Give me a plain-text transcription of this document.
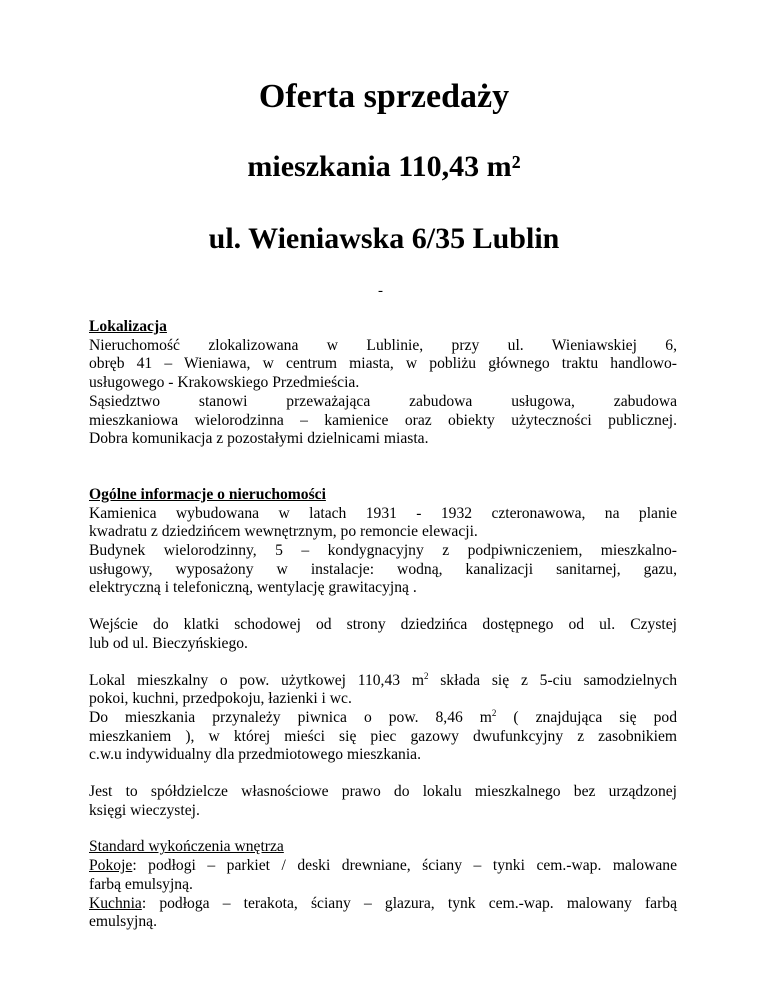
Oferta sprzedaży
mieszkania 110,43 m²
ul. Wieniawska 6/35 Lublin
-

Lokalizacja

Nieruchomość zlokalizowana w Lublinie, przy ul. Wieniawskiej 6,

obręb 41 – Wieniawa, w centrum miasta, w pobliżu głównego traktu handlowo-

usługowego - Krakowskiego Przedmieścia.

Sąsiedztwo stanowi przeważająca zabudowa usługowa, zabudowa

mieszkaniowa wielorodzinna – kamienice oraz obiekty użyteczności publicznej.

Dobra komunikacja z pozostałymi dzielnicami miasta.

Ogólne informacje o nieruchomości

Kamienica wybudowana w latach 1931 - 1932 czteronawowa, na planie

kwadratu z dziedzińcem wewnętrznym, po remoncie elewacji.

Budynek wielorodzinny, 5 – kondygnacyjny z podpiwniczeniem, mieszkalno-

usługowy, wyposażony w instalacje: wodną, kanalizacji sanitarnej, gazu,

elektryczną i telefoniczną, wentylację grawitacyjną .

Wejście do klatki schodowej od strony dziedzińca dostępnego od ul. Czystej

lub od ul. Bieczyńskiego.

Lokal mieszkalny o pow. użytkowej 110,43 $m^2$ składa się z 5-ciu samodzielnych

pokoi, kuchni, przedpokoju, łazienki i wc.

Do mieszkania przynależy piwnica o pow. 8,46 $m^2$ ( znajdująca się pod

mieszkaniem ), w której mieści się piec gazowy dwufunkcyjny z zasobnikiem

c.w.u indywidualny dla przedmiotowego mieszkania.

Jest to spółdzielcze własnościowe prawo do lokalu mieszkalnego bez urządzonej

księgi wieczystej.

Standard wykończenia wnętrza

Pokoje: podłogi – parkiet / deski drewniane, ściany – tynki cem.-wap. malowane

farbą emulsyjną.

Kuchnia: podłoga – terakota, ściany – glazura, tynk cem.-wap. malowany farbą

emulsyjną.
